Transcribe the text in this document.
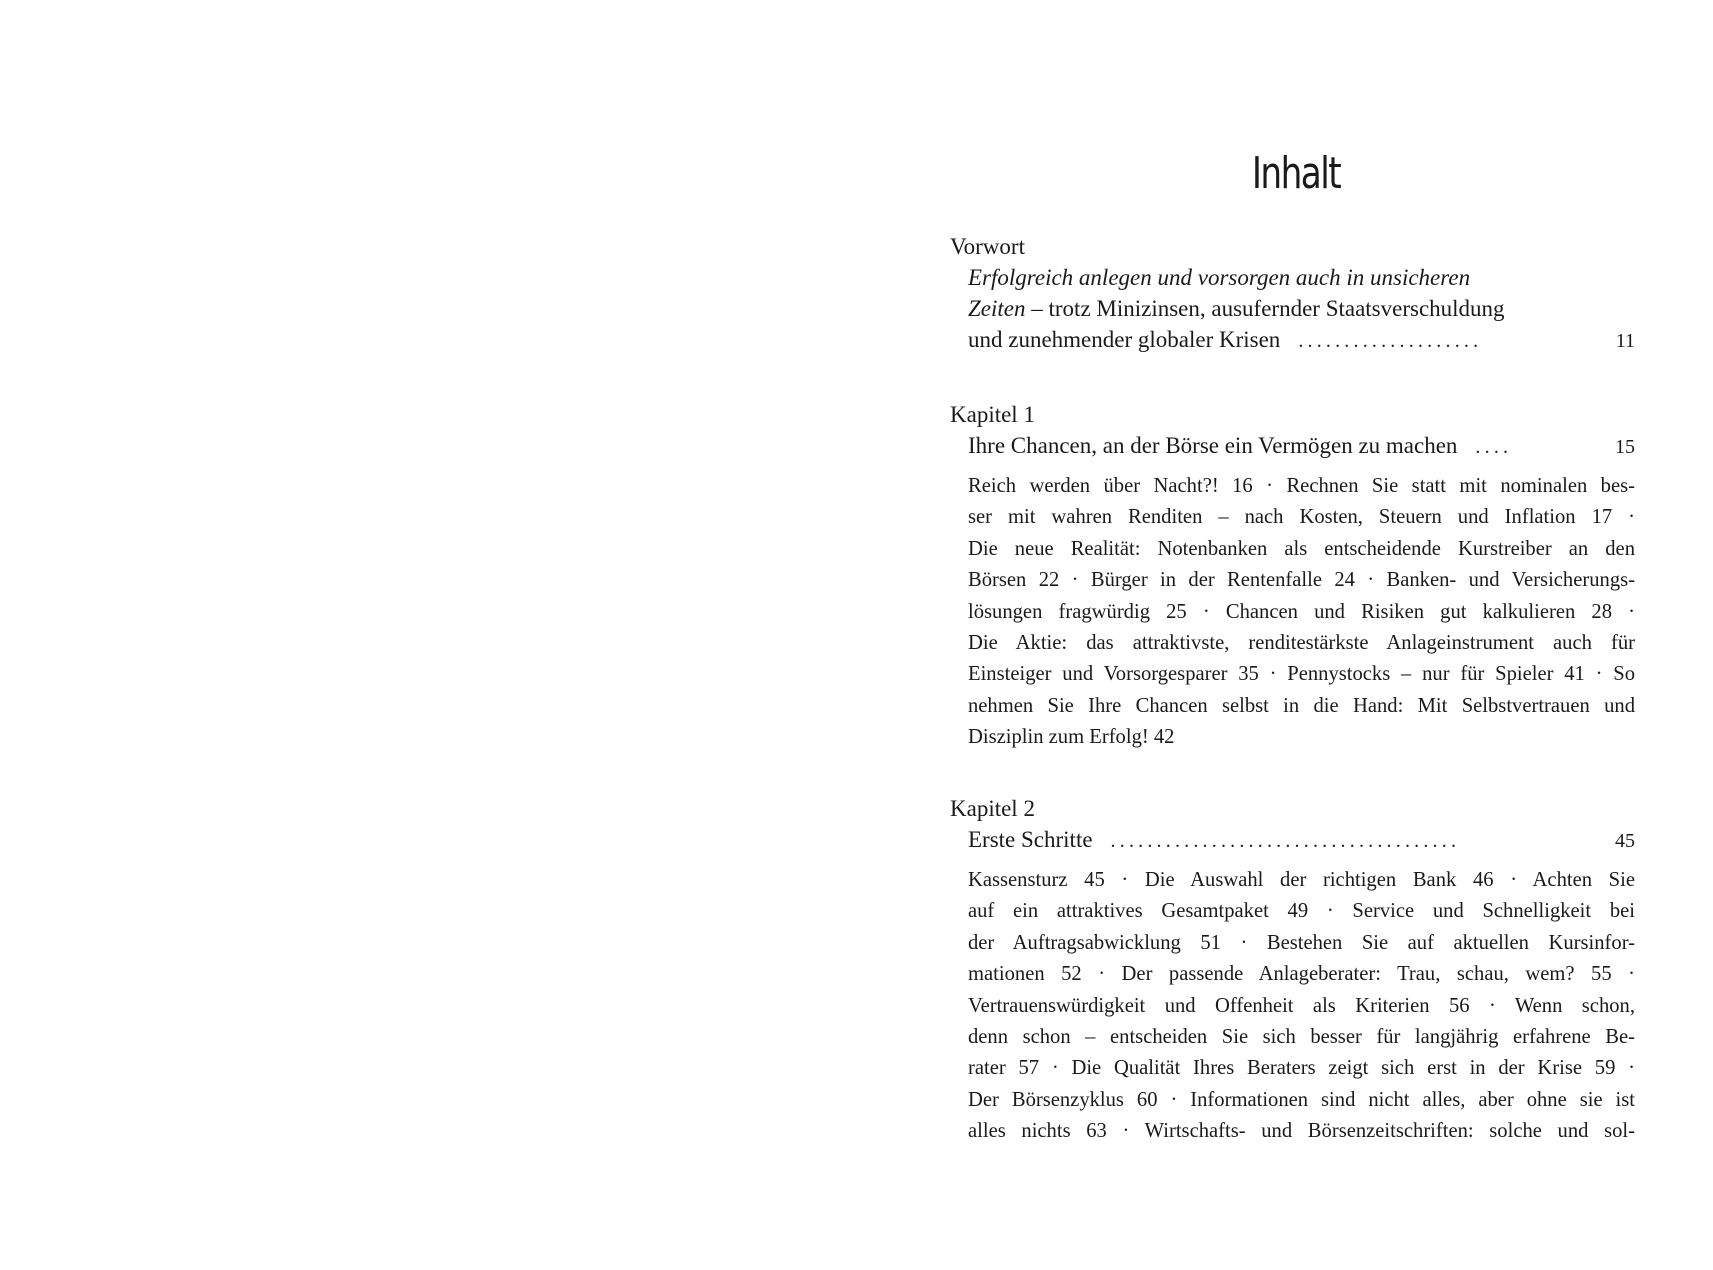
Inhalt
Vorwort
Erfolgreich anlegen und vorsorgen auch in unsicheren
Zeiten – trotz Minizinsen, ausufernder Staatsverschuldung
und zunehmender globaler Krisen ....................	11
Kapitel 1
Ihre Chancen, an der Börse ein Vermögen zu machen ....	15
Reich werden über Nacht?! 16 · Rechnen Sie statt mit nominalen bes-
ser mit wahren Renditen – nach Kosten, Steuern und Inflation 17 ·
Die neue Realität: Notenbanken als entscheidende Kurstreiber an den
Börsen 22 · Bürger in der Rentenfalle 24 · Banken- und Versicherungs-
lösungen fragwürdig 25 · Chancen und Risiken gut kalkulieren 28 ·
Die Aktie: das attraktivste, renditestärkste Anlageinstrument auch für
Einsteiger und Vorsorgesparer 35 · Pennystocks – nur für Spieler 41 · So
nehmen Sie Ihre Chancen selbst in die Hand: Mit Selbstvertrauen und
Disziplin zum Erfolg! 42
Kapitel 2
Erste Schritte ......................................	45
Kassensturz 45 · Die Auswahl der richtigen Bank 46 · Achten Sie
auf ein attraktives Gesamtpaket 49 · Service und Schnelligkeit bei
der Auftragsabwicklung 51 · Bestehen Sie auf aktuellen Kursinfor-
mationen 52 · Der passende Anlageberater: Trau, schau, wem? 55 ·
Vertrauenswürdigkeit und Offenheit als Kriterien 56 · Wenn schon,
denn schon – entscheiden Sie sich besser für langjährig erfahrene Be-
rater 57 · Die Qualität Ihres Beraters zeigt sich erst in der Krise 59 ·
Der Börsenzyklus 60 · Informationen sind nicht alles, aber ohne sie ist
alles nichts 63 · Wirtschafts- und Börsenzeitschriften: solche und sol-
